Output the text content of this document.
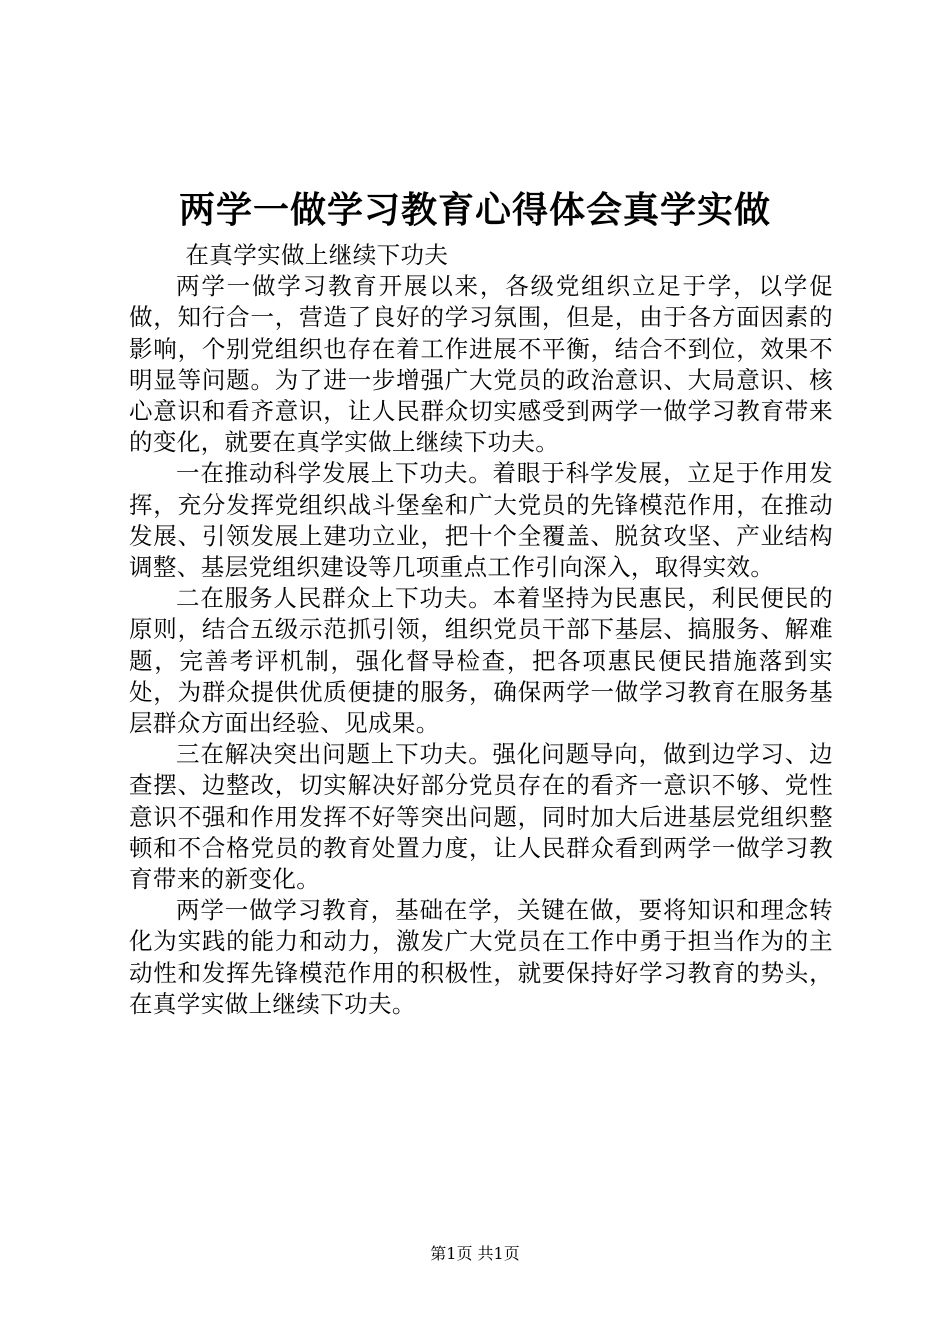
两学一做学习教育心得体会真学实做

在真学实做上继续下功夫

两学一做学习教育开展以来，各级党组织立足于学，以学促做，知行合一，营造了良好的学习氛围，但是，由于各方面因素的影响，个别党组织也存在着工作进展不平衡，结合不到位，效果不明显等问题。为了进一步增强广大党员的政治意识、大局意识、核心意识和看齐意识，让人民群众切实感受到两学一做学习教育带来的变化，就要在真学实做上继续下功夫。

一在推动科学发展上下功夫。着眼于科学发展，立足于作用发挥，充分发挥党组织战斗堡垒和广大党员的先锋模范作用，在推动发展、引领发展上建功立业，把十个全覆盖、脱贫攻坚、产业结构调整、基层党组织建设等几项重点工作引向深入，取得实效。

二在服务人民群众上下功夫。本着坚持为民惠民，利民便民的原则，结合五级示范抓引领，组织党员干部下基层、搞服务、解难题，完善考评机制，强化督导检查，把各项惠民便民措施落到实处，为群众提供优质便捷的服务，确保两学一做学习教育在服务基层群众方面出经验、见成果。

三在解决突出问题上下功夫。强化问题导向，做到边学习、边查摆、边整改，切实解决好部分党员存在的看齐一意识不够、党性意识不强和作用发挥不好等突出问题，同时加大后进基层党组织整顿和不合格党员的教育处置力度，让人民群众看到两学一做学习教育带来的新变化。

两学一做学习教育，基础在学，关键在做，要将知识和理念转化为实践的能力和动力，激发广大党员在工作中勇于担当作为的主动性和发挥先锋模范作用的积极性，就要保持好学习教育的势头，在真学实做上继续下功夫。

第1页 共1页
